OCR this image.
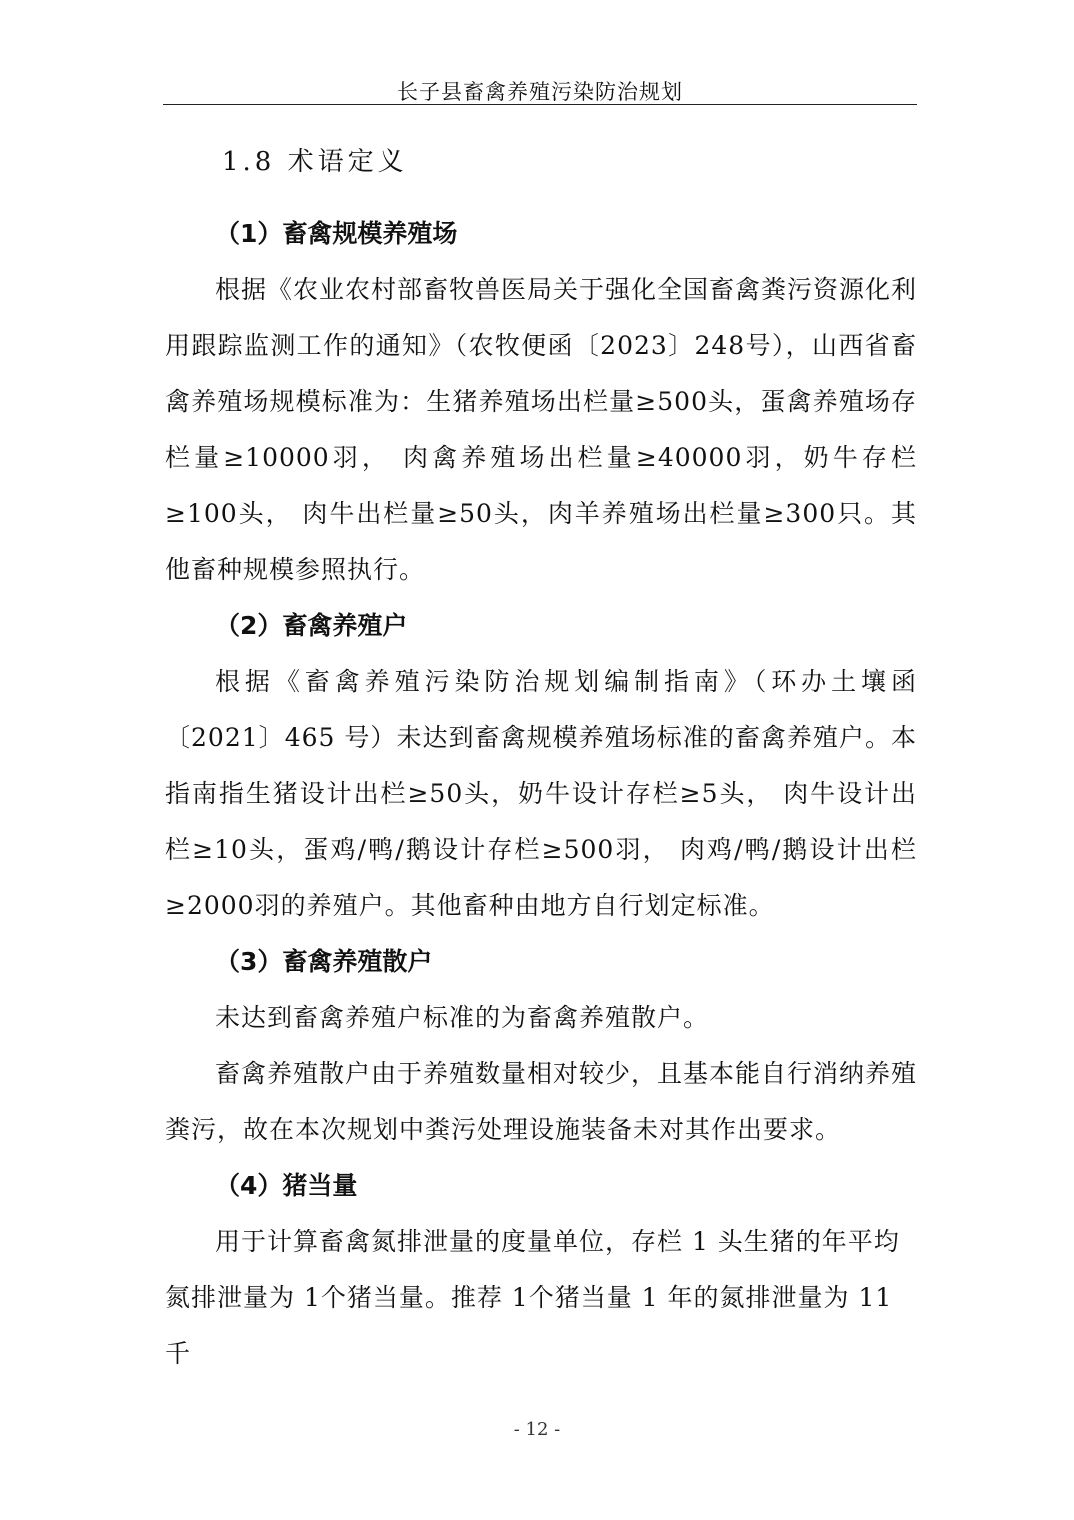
长子县畜禽养殖污染防治规划
1.8 术语定义
（1）畜禽规模养殖场

根据《农业农村部畜牧兽医局关于强化全国畜禽粪污资源化利用跟踪监测工作的通知》（农牧便函〔2023〕248号），山西省畜禽养殖场规模标准为：生猪养殖场出栏量≥500头，蛋禽养殖场存栏量≥10000羽， 肉禽养殖场出栏量≥40000羽，奶牛存栏≥100头， 肉牛出栏量≥50头，肉羊养殖场出栏量≥300只。其他畜种规模参照执行。

（2）畜禽养殖户

根据《畜禽养殖污染防治规划编制指南》（环办土壤函〔2021〕465 号）未达到畜禽规模养殖场标准的畜禽养殖户。本指南指生猪设计出栏≥50头，奶牛设计存栏≥5头， 肉牛设计出栏≥10头，蛋鸡/鸭/鹅设计存栏≥500羽， 肉鸡/鸭/鹅设计出栏≥2000羽的养殖户。其他畜种由地方自行划定标准。

（3）畜禽养殖散户

未达到畜禽养殖户标准的为畜禽养殖散户。

畜禽养殖散户由于养殖数量相对较少，且基本能自行消纳养殖粪污，故在本次规划中粪污处理设施装备未对其作出要求。

（4）猪当量

用于计算畜禽氮排泄量的度量单位，存栏 1 头生猪的年平均氮排泄量为 1个猪当量。推荐 1个猪当量 1 年的氮排泄量为 11 千

- 12 -
